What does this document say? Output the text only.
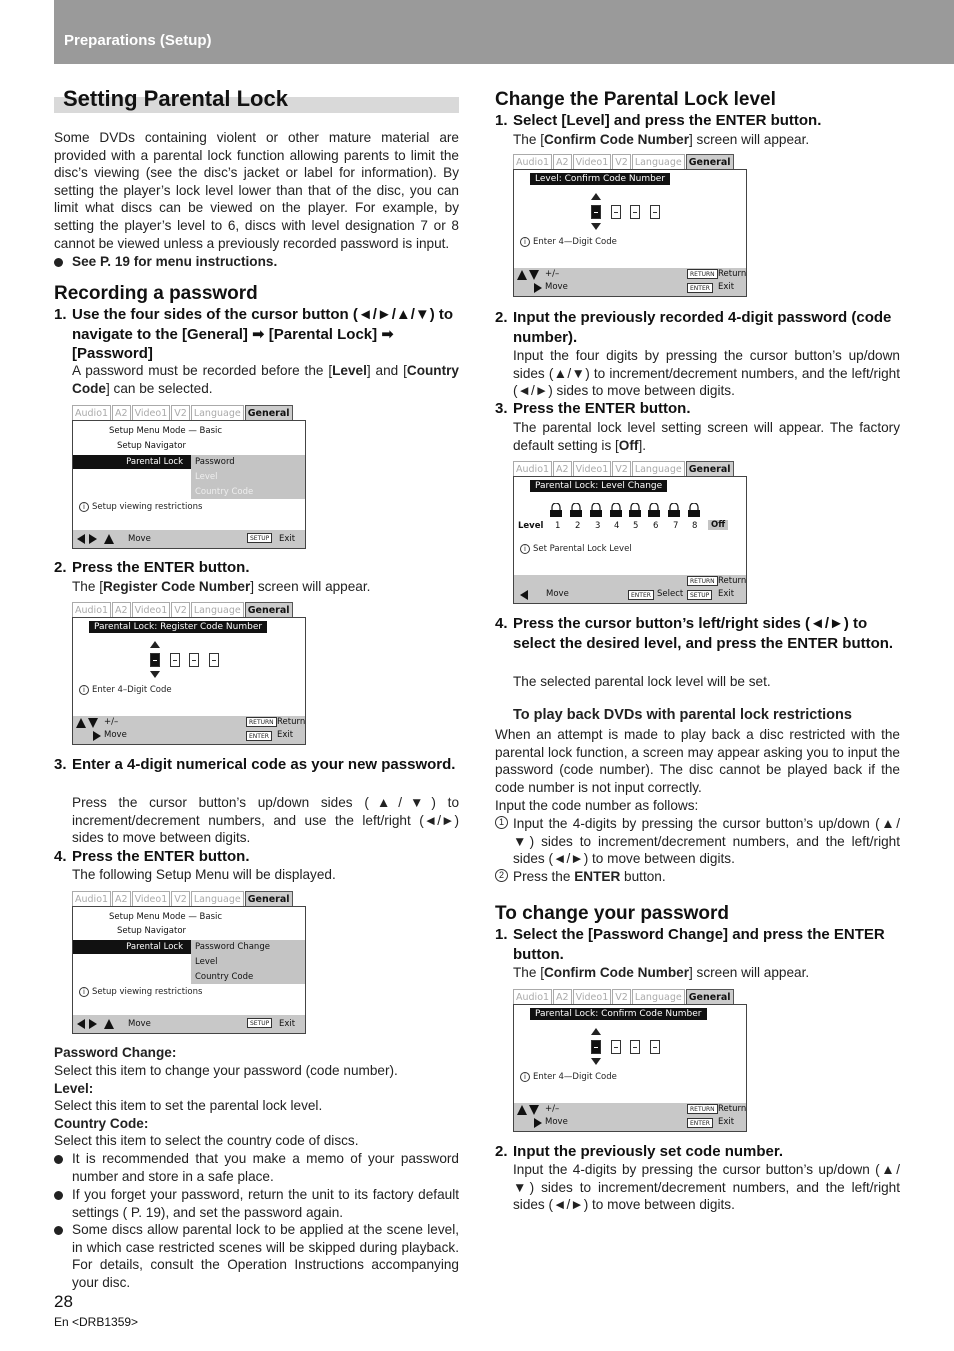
Preparations (Setup)
Setting Parental Lock
Some DVDs containing violent or other mature material are provided with a parental lock function allowing parents to limit the disc’s viewing (see the disc’s jacket or label for information). By setting the player’s lock level lower than that of the disc, you can limit what discs can be viewed on the player. For example, by setting the player’s level to 6, discs with level designation 7 or 8 cannot be viewed unless a previously recorded password is input.
See P. 19 for menu instructions.
Recording a password
1. Use the four sides of the cursor button (◄/►/▲/▼) to navigate to the [General] ➡ [Parental Lock] ➡ [Password]
A password must be recorded before the [Level] and [Country Code] can be selected.
Audio1 A2 Video1 V2 Language General
Setup Menu Mode — Basic
Setup Navigator
Parental Lock	Password
Level
Country Code
i Setup viewing restrictions
Move	SETUP	Exit
2. Press the ENTER button.
The [Register Code Number] screen will appear.
Audio1 A2 Video1 V2 Language General
Parental Lock: Register Code Number
i Enter 4–Digit Code
+/–
Move
RETURN Return
ENTER Exit
3. Enter a 4-digit numerical code as your new password.
Press the cursor button’s up/down sides (▲/▼) to increment/decrement numbers, and use the left/right (◄/►) sides to move between digits.
4. Press the ENTER button.
The following Setup Menu will be displayed.
Audio1 A2 Video1 V2 Language General
Setup Menu Mode — Basic
Setup Navigator
Parental Lock	Password Change
Level
Country Code
i Setup viewing restrictions
Move	SETUP	Exit
Password Change:
Select this item to change your password (code number).
Level:
Select this item to set the parental lock level.
Country Code:
Select this item to select the country code of discs.
It is recommended that you make a memo of your password number and store in a safe place.
If you forget your password, return the unit to its factory default settings ( P. 19), and set the password again.
Some discs allow parental lock to be applied at the scene level, in which case restricted scenes will be skipped during playback. For details, consult the Operation Instructions accompanying your disc.
Change the Parental Lock level
1. Select [Level] and press the ENTER button.
The [Confirm Code Number] screen will appear.
Audio1 A2 Video1 V2 Language General
Level: Confirm Code Number
i Enter 4—Digit Code
+/–
Move
RETURN Return
ENTER Exit
2. Input the previously recorded 4-digit password (code number).
Input the four digits by pressing the cursor button’s up/down sides (▲/▼) to increment/decrement numbers, and the left/right (◄/►) sides to move between digits.
3. Press the ENTER button.
The parental lock level setting screen will appear. The factory default setting is [Off].
Audio1 A2 Video1 V2 Language General
Parental Lock: Level Change
Level 1 2 3 4 5 6 7 8	Off
i Set Parental Lock Level
Move	ENTER Select
RETURN Return
SETUP	Exit
4. Press the cursor button’s left/right sides (◄/►) to select the desired level, and press the ENTER button.
The selected parental lock level will be set.
To play back DVDs with parental lock restrictions
When an attempt is made to play back a disc restricted with the parental lock function, a screen may appear asking you to input the password (code number). The disc cannot be played back if the code number is not input correctly.
Input the code number as follows:
1 Input the 4-digits by pressing the cursor button’s up/down (▲/▼) sides to increment/decrement numbers, and the left/right sides (◄/►) to move between digits.
2 Press the ENTER button.
To change your password
1. Select the [Password Change] and press the ENTER button.
The [Confirm Code Number] screen will appear.
Audio1 A2 Video1 V2 Language General
Parental Lock: Confirm Code Number
i Enter 4—Digit Code
+/–
Move
RETURN Return
ENTER Exit
2. Input the previously set code number.
Input the 4-digits by pressing the cursor button’s up/down (▲/▼) sides to increment/decrement numbers, and the left/right sides (◄/►) to move between digits.
28
En <DRB1359>
